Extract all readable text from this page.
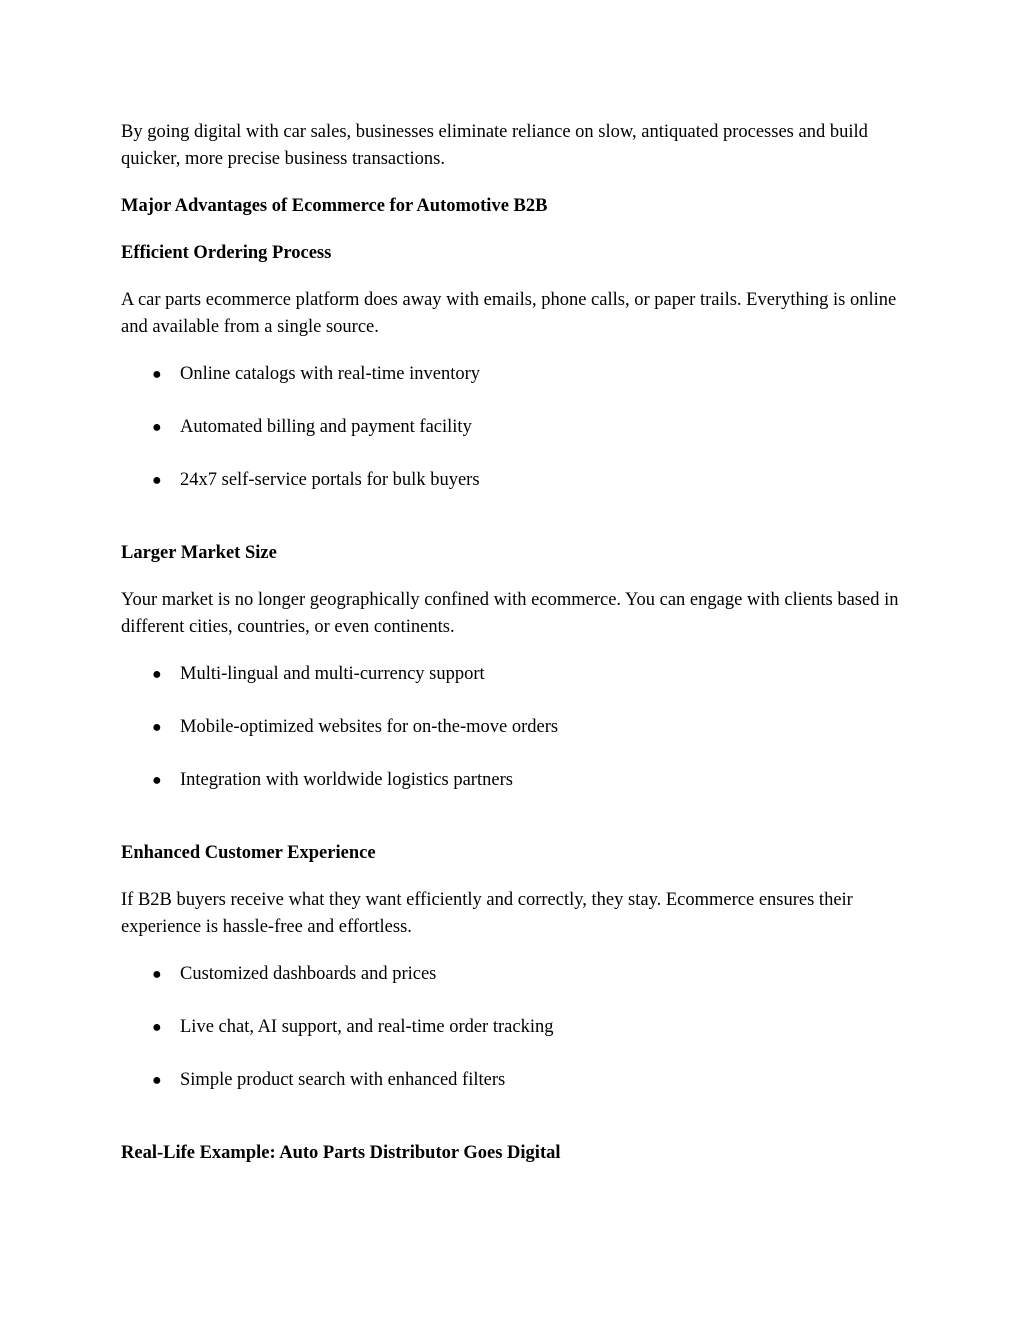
By going digital with car sales, businesses eliminate reliance on slow, antiquated processes and build quicker, more precise business transactions.

Major Advantages of Ecommerce for Automotive B2B

Efficient Ordering Process

A car parts ecommerce platform does away with emails, phone calls, or paper trails. Everything is online and available from a single source.

● Online catalogs with real-time inventory
● Automated billing and payment facility
● 24x7 self-service portals for bulk buyers

Larger Market Size

Your market is no longer geographically confined with ecommerce. You can engage with clients based in different cities, countries, or even continents.

● Multi-lingual and multi-currency support
● Mobile-optimized websites for on-the-move orders
● Integration with worldwide logistics partners

Enhanced Customer Experience

If B2B buyers receive what they want efficiently and correctly, they stay. Ecommerce ensures their experience is hassle-free and effortless.

● Customized dashboards and prices
● Live chat, AI support, and real-time order tracking
● Simple product search with enhanced filters

Real-Life Example: Auto Parts Distributor Goes Digital
